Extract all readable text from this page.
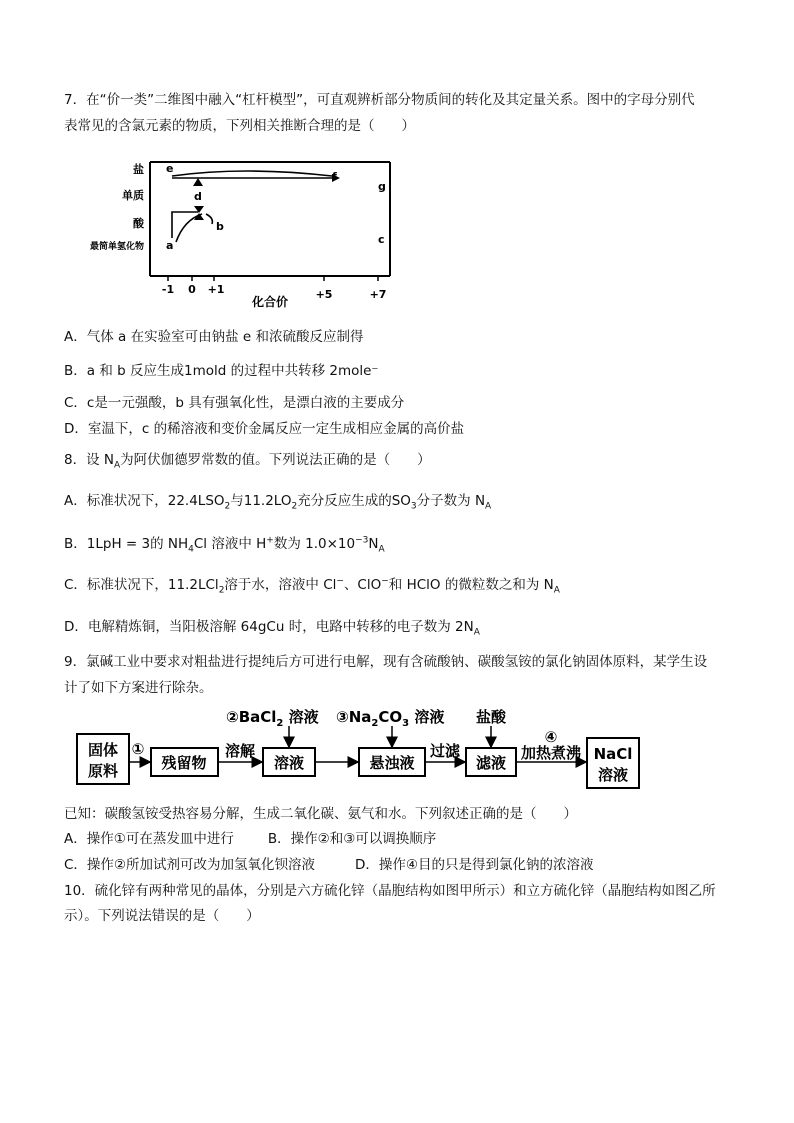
7．在“价一类”二维图中融入“杠杆模型”，可直观辨析部分物质间的转化及其定量关系。图中的字母分别代
表常见的含氯元素的物质，下列相关推断合理的是（　　）
盐
单质
酸
最简单氢化物
-1 0 +1	+5	+7
化合价
e
f
g
d
b
a	c
A．气体 a 在实验室可由钠盐 e 和浓硫酸反应制得
B．a 和 b 反应生成1mold 的过程中共转移 2mole⁻
C．c是一元强酸，b 具有强氧化性，是漂白液的主要成分
D．室温下，c 的稀溶液和变价金属反应一定生成相应金属的高价盐
8．设 $N_A$为阿伏伽德罗常数的值。下列说法正确的是（　　）
A．标准状况下，$22.4LSO_2$与$11.2LO_2$充分反应生成的$SO_3$分子数为 $N_A$
B．1LpH = 3的 $NH_4Cl$ 溶液中 H+数为 $1.0\times 10^{-3}N_A$
C．标准状况下，11.2LCl$_2$溶于水，溶液中 Cl−、ClO−和 HClO 的微粒数之和为 $N_A$
D．电解精炼铜，当阳极溶解 64gCu 时，电路中转移的电子数为 $2N_A$
9．氯碱工业中要求对粗盐进行提纯后方可进行电解，现有含硫酸钠、碳酸氢铵的氯化钠固体原料，某学生设
计了如下方案进行除杂。
固体
原料	残留物	溶液	悬浊液	滤液	NaCl
溶液
①	溶解
②BaCl$_2$ 溶液 $③Na_2CO_3$ 溶液
过滤
盐酸
④
加热煮沸
已知：碳酸氢铵受热容易分解，生成二氧化碳、氨气和水。下列叙述正确的是（　　）
A．操作①可在蒸发皿中进行	B．操作②和③可以调换顺序
C．操作②所加试剂可改为加氢氧化钡溶液	D．操作④目的只是得到氯化钠的浓溶液
10．硫化锌有两种常见的晶体，分别是六方硫化锌（晶胞结构如图甲所示）和立方硫化锌（晶胞结构如图乙所
示）。下列说法错误的是（　　）
